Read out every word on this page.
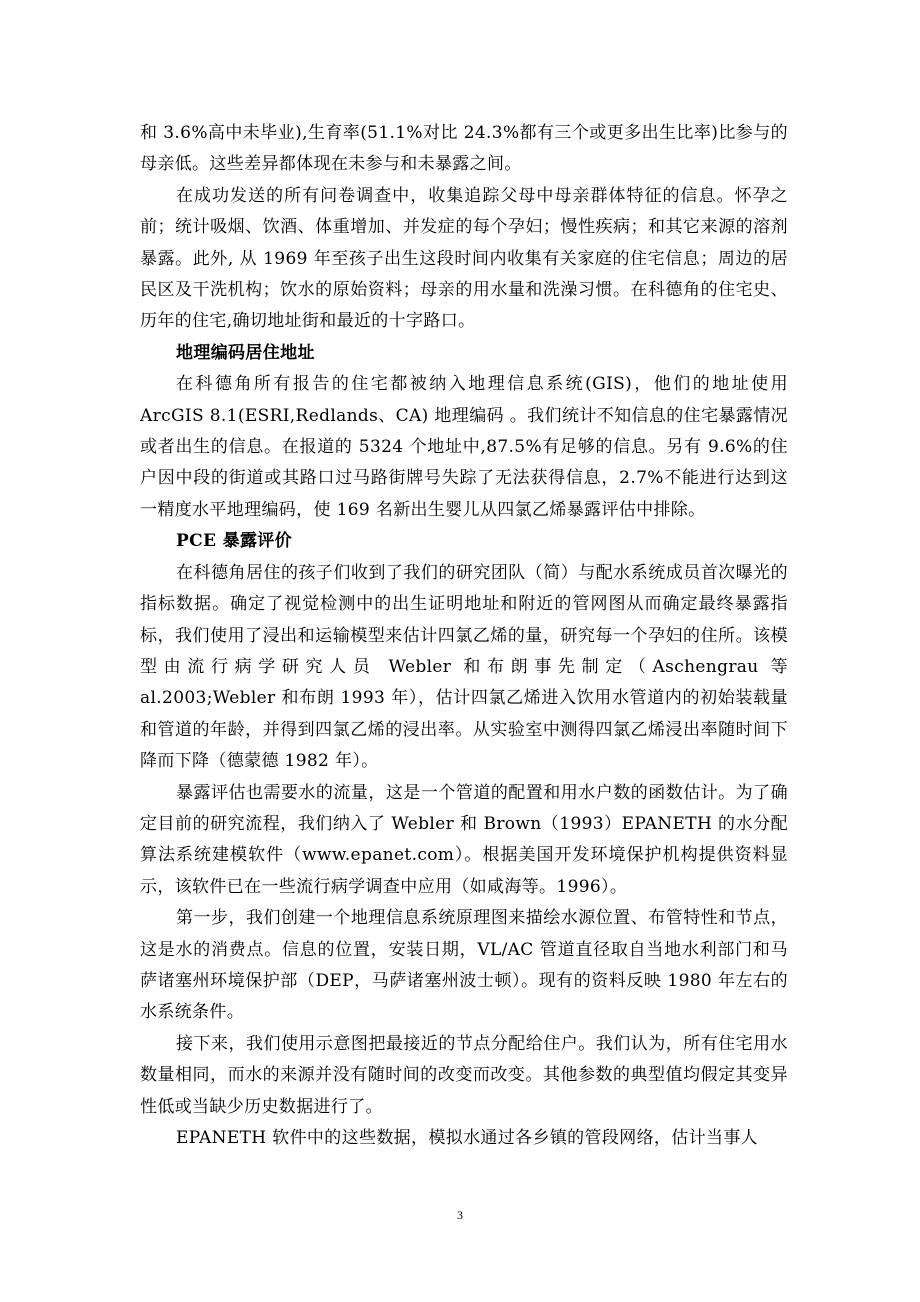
和 3.6%高中未毕业),生育率(51.1%对比 24.3%都有三个或更多出生比率)比参与的母亲低。这些差异都体现在未参与和未暴露之间。

在成功发送的所有问卷调查中，收集追踪父母中母亲群体特征的信息。怀孕之前；统计吸烟、饮酒、体重增加、并发症的每个孕妇；慢性疾病；和其它来源的溶剂暴露。此外, 从 1969 年至孩子出生这段时间内收集有关家庭的住宅信息；周边的居民区及干洗机构；饮水的原始资料；母亲的用水量和洗澡习惯。在科德角的住宅史、历年的住宅,确切地址街和最近的十字路口。

地理编码居住地址

在科德角所有报告的住宅都被纳入地理信息系统(GIS)，他们的地址使用 ArcGIS 8.1(ESRI,Redlands、CA) 地理编码 。我们统计不知信息的住宅暴露情况或者出生的信息。在报道的 5324 个地址中,87.5%有足够的信息。另有 9.6%的住户因中段的街道或其路口过马路街牌号失踪了无法获得信息，2.7%不能进行达到这一精度水平地理编码，使 169 名新出生婴儿从四氯乙烯暴露评估中排除。

PCE 暴露评价

在科德角居住的孩子们收到了我们的研究团队（简）与配水系统成员首次曝光的指标数据。确定了视觉检测中的出生证明地址和附近的管网图从而确定最终暴露指标，我们使用了浸出和运输模型来估计四氯乙烯的量，研究每一个孕妇的住所。该模型由流行病学研究人员 Webler 和布朗事先制定（Aschengrau 等 al.2003;Webler 和布朗 1993 年），估计四氯乙烯进入饮用水管道内的初始装载量和管道的年龄，并得到四氯乙烯的浸出率。从实验室中测得四氯乙烯浸出率随时间下降而下降（德蒙德 1982 年）。

暴露评估也需要水的流量，这是一个管道的配置和用水户数的函数估计。为了确定目前的研究流程，我们纳入了 Webler 和 Brown（1993）EPANETH 的水分配算法系统建模软件（www.epanet.com）。根据美国开发环境保护机构提供资料显示，该软件已在一些流行病学调查中应用（如咸海等。1996）。

第一步，我们创建一个地理信息系统原理图来描绘水源位置、布管特性和节点，这是水的消费点。信息的位置，安装日期，VL/AC 管道直径取自当地水利部门和马萨诸塞州环境保护部（DEP，马萨诸塞州波士顿）。现有的资料反映 1980 年左右的水系统条件。

接下来，我们使用示意图把最接近的节点分配给住户。我们认为，所有住宅用水数量相同，而水的来源并没有随时间的改变而改变。其他参数的典型值均假定其变异性低或当缺少历史数据进行了。

EPANETH 软件中的这些数据，模拟水通过各乡镇的管段网络，估计当事人

3
